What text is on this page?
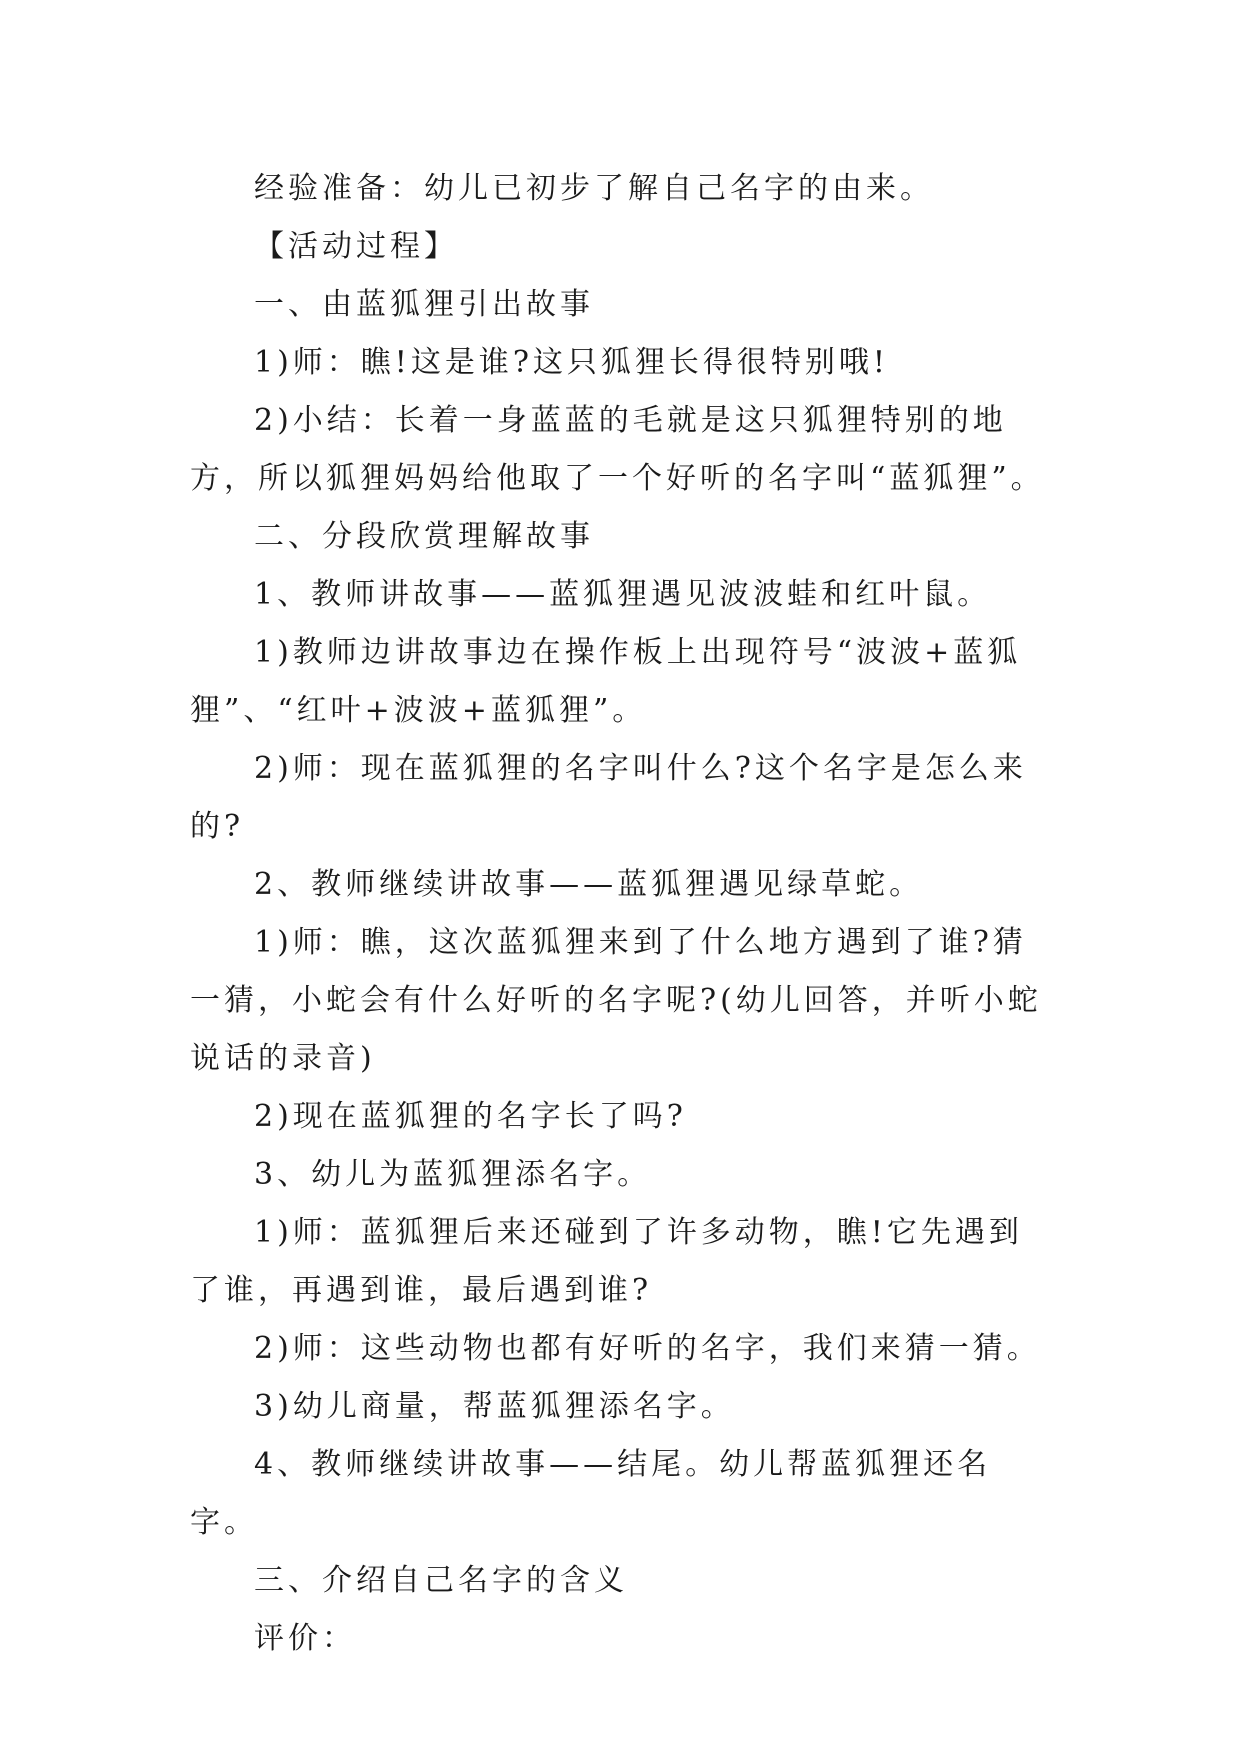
经验准备：幼儿已初步了解自己名字的由来。

【活动过程】

一、由蓝狐狸引出故事

1)师：瞧!这是谁?这只狐狸长得很特别哦!

2)小结：长着一身蓝蓝的毛就是这只狐狸特别的地方，所以狐狸妈妈给他取了一个好听的名字叫“蓝狐狸”。

二、分段欣赏理解故事

1、教师讲故事——蓝狐狸遇见波波蛙和红叶鼠。

1)教师边讲故事边在操作板上出现符号“波波+蓝狐狸”、“红叶+波波+蓝狐狸”。

2)师：现在蓝狐狸的名字叫什么?这个名字是怎么来的?

2、教师继续讲故事——蓝狐狸遇见绿草蛇。

1)师：瞧，这次蓝狐狸来到了什么地方遇到了谁?猜一猜，小蛇会有什么好听的名字呢?(幼儿回答，并听小蛇说话的录音)

2)现在蓝狐狸的名字长了吗?

3、幼儿为蓝狐狸添名字。

1)师：蓝狐狸后来还碰到了许多动物，瞧!它先遇到了谁，再遇到谁，最后遇到谁?

2)师：这些动物也都有好听的名字，我们来猜一猜。

3)幼儿商量，帮蓝狐狸添名字。

4、教师继续讲故事——结尾。幼儿帮蓝狐狸还名字。

三、介绍自己名字的含义

评价：
